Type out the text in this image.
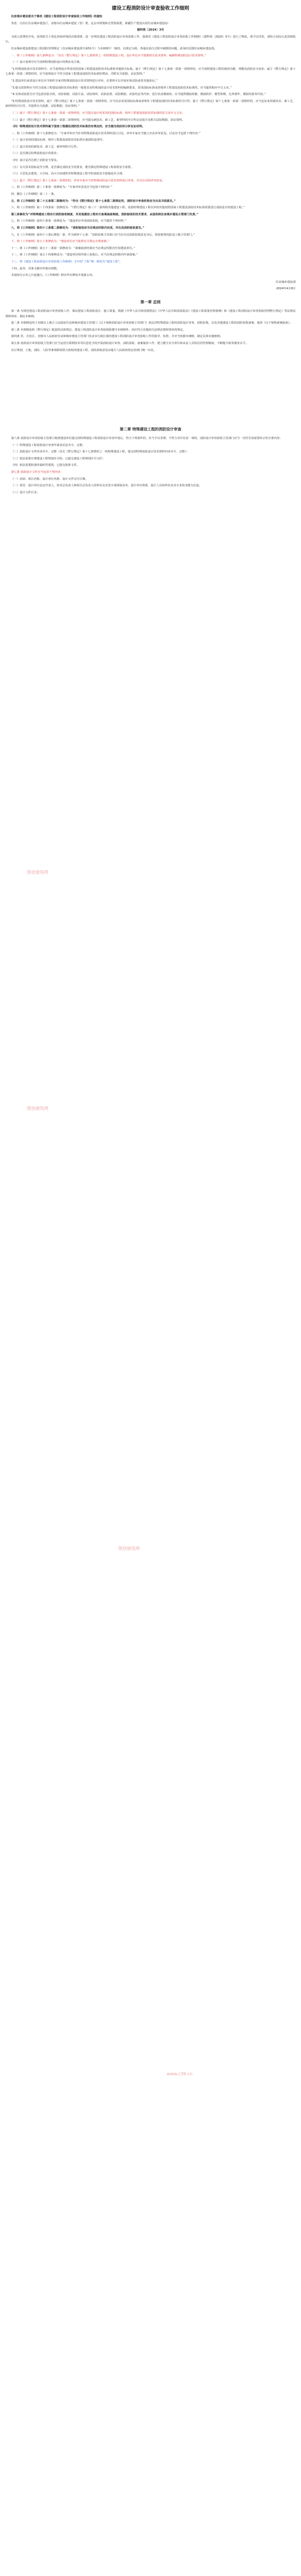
建设工程消防设计审查验收工作细则
住房城乡建设部关于修改《建设工程消防设计审查验收工作细则》的通知
各省、自治区住房城乡建设厅，直辖市住房城乡建设（管）委，北京市规划和自然资源委，新疆生产建设兵团住房城乡建设局：
建科规〔2024〕3号
为深入贯彻党中央、国务院关于优化营商环境的决策部署，进一步规范建设工程消防设计审查验收工作，我部对《建设工程消防设计审查验收工作细则》（建科规〔2020〕5号）进行了修改，现予以印发，请结合实际认真贯彻执行。
住房城乡建设部建设工程消防管理规定（住房城乡建设部令第51号）与本细则不一致的，以规定为准。各地在执行过程中遇到的问题，请及时反馈住房城乡建设部。
一、将《工作细则》第九条修改为：“具有《暂行规定》第十七条情形之一的特殊建设工程，设计单位应当依据相关技术资料，编制特殊消防设计技术资料。”
（一）设计说明中应当说明特殊消防设计的理由及方案。
“1.特殊消防设计技术资料中，应当说明设计所采用的国家工程建设消防技术标准和其他相关标准。属于《暂行规定》第十七条第一款第一项情形的，应当说明建设工程的使用功能、规模及消防安全需求；属于《暂行规定》第十七条第一款第二项情形的，应当说明设计不符合国家工程建设消防技术标准的理由，并附有关依据、论证资料。”
“2.建设单位或者设计单位应当组织专家对特殊消防设计技术资料进行评审，必要时可以开展实体试验或者其他验证。”
“3.提交的资料应当符合国家工程建设消防技术标准的一般要求及特殊消防设计技术资料的编制要求，采用国际标准或者境外工程建设消防技术标准的，应当提供相应中文文本。”
“4.实体试验报告应当包括试验目的、试验依据、试验方法、试验场所、试验装置、试验数据、试验结论等内容；进行仿真模拟的，应当提供模拟依据、模拟软件、模型参数、边界条件、模拟结果等内容。”
“5.特殊消防设计技术资料，属于《暂行规定》第十七条第一款第一项情形的，应当论证采用国际标准或者境外工程建设消防技术标准的可行性；属于《暂行规定》第十七条第一款第二项情形的，应当论证采用新技术、新工艺、新材料的可行性，并提供有关依据、试验数据、验证资料。”
（二）属于《暂行规定》第十七条第一款第一项情形的，应当提交设计所采用的国际标准、境外工程建设消防技术标准的原文及中文文本。
（三）属于《暂行规定》第十七条第一款第二项情形的，应当提交新技术、新工艺、新材料的可行性论证报告及相关试验数据、验证资料。
（四）特殊消防设计技术资料属于国家工程建设消防技术标准没有规定的，应当提交相应的分析论证材料。
二、将《工作细则》第十九条修改为：“专家评审应当针对特殊消防设计技术资料进行讨论，评审专家应当独立出具评审意见。讨论应当包括下列内容：”
（一）设计采用的国际标准、境外工程建设消防技术标准在我国的适用性；
（二）设计采用的新技术、新工艺、新材料的可行性；
（三）是否满足特殊消防设计的要求；
（四）设计是否达到了消防安全要求。
（五）有关技术指标是否合理、是否满足消防安全的要求，能否满足特殊建设工程消防安全需要。
（六）大型复杂建筑，大空间、高大空间建筑等特殊建设工程中的消防安全措施是否合理。
（七）属于《暂行规定》第十七条第一款情形的，评审专家应当对特殊消防设计技术资料进行审查，并出具书面评审意见。
三、将《工作细则》第二十条第一款修改为：“专家评审意见应当包括下列内容：”
四、删去《工作细则》第二十一条。
五、将《工作细则》第二十五条第二款修改为：“符合《暂行规定》第十七条第二款规定的，消防设计审查机构应当出具书面意见。”
六、将《工作细则》第三十四条第一款修改为：“《暂行规定》第三十一条所称其他建设工程，是指特殊建设工程以外的其他按照国家工程建设消防技术标准需要进行消防设计的建设工程。”
第三条修改为“对特殊建设工程实行消防验收制度，对其他建设工程实行备案抽查制度。消防验收的技术要求，由国务院住房城乡建设主管部门负责。”
七、将《工作细则》第四十条第一款修改为：“建设单位申请消防验收，应当提供下列材料：”
八、将《工作细则》第四十三条第二款修改为：“消防验收应当在规定时限内完成，并出具消防验收意见。”
九、在《工作细则》第四十六条后增加一条，作为第四十七条：“消防验收主管部门应当在出具消防验收意见书后，将验收情况报送上级主管部门。”
十、将《工作细则》第五十条修改为：“建设单位应当依照有关规定办理备案。”
十一、将《工作细则》第五十二条第一款修改为：“备案抽查结果应当在规定时限内告知建设单位。”
十二、将《工作细则》第五十四条修改为：“建设单位组织竣工验收后，应当在规定时限内申请备案。”
十三、将《建设工程消防设计审查验收工作细则》文中的“工程”统一修改为“建设工程”。
十四、此外，对条文顺序作相应调整。
本通知自公布之日起施行。《工作细则》相应作出修改并重新公布。
住房城乡建设部
2024年4月8日
第一章 总则
第一条 为规范建设工程消防设计审查验收工作，保证建设工程消防设计、施工质量，根据《中华人民共和国建筑法》《中华人民共和国消防法》《建设工程质量管理条例》和《建设工程消防设计审查验收管理暂行规定》等法律法规和规章，制定本细则。
第二条 本细则适用于县级以上地方人民政府住房和城乡建设主管部门（以下简称消防设计审查验收主管部门）依法对特殊建设工程的消防设计审查、消防验收，以及其他建设工程的消防验收备案、抽查（以下简称备案抽查）。
第三条 本细则是和《暂行规定》配套的具体规定，建设工程消防设计审查验收除遵守本细则外，尚应符合其他相关法律法规和规章的规定。
第四条 省、自治区、直辖市人民政府住房和城乡建设主管部门负责本行政区域内建设工程消防设计审查验收工作的指导、监督，并应当依据本细则，制定具体实施细则。
第五条 消防设计审查验收主管部门应当运用互联网技术等信息化手段开展消防设计审查、消防验收、备案抽查工作，建立健全有关单位和从业人员的信用管理制度，不断提升政务服务水平。
实行规划、土地、消防、人防等事项限时联合验收的建设工程，消防验收意见由地方人民政府指定的部门统一出具。
第二章 特殊建设工程的消防设计审查
第六条 消防设计审查验收主管部门收到建设单位提交的特殊建设工程消防设计审查申请后，符合下列条件的，应当予以受理；不符合其中任意一项的，消防设计审查验收主管部门应当一次性告知需要补正的全部内容：
（一）特殊建设工程消防设计审查申请表信息齐全、完整；
（二）消防设计文件内容齐全、完整（具有《暂行规定》第十七条情形之一的特殊建设工程，提交的特殊消防设计技术资料内容齐全、完整）；
（三）依法需要办理建设工程规划许可的，已提交建设工程规划许可文件；
（四）依法需要批准的临时性建筑，已提交批准文件。
第七条 消防设计文件应当包括下列内容：
（一）封面：项目名称、设计单位名称、设计文件交付日期。
（二）扉页：设计单位法定代表人、技术总负责人和项目总负责人的姓名及其签字或授权盖章，设计单位资质，设计人员的姓名及其专业技术能力信息。
（三）设计文件目录。
图创建筑网
图创建筑网
图创建筑网
www.c39.cn
